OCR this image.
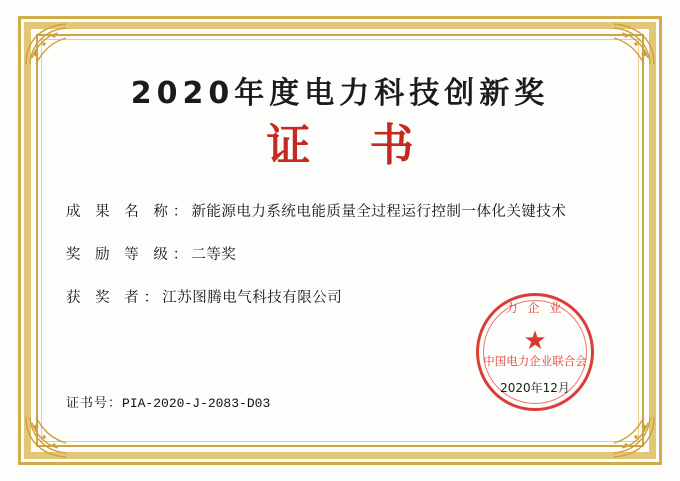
2020年度电力科技创新奖
证 书
成 果 名 称 ： 新能源电力系统电能质量全过程运行控制一体化关键技术
奖 励 等 级 ： 二等奖
获 奖 者 ： 江苏图腾电气科技有限公司
证书号：PIA-2020-J-2083-D03
力 企 业
★
中国电力企业联合会
2020年12月
